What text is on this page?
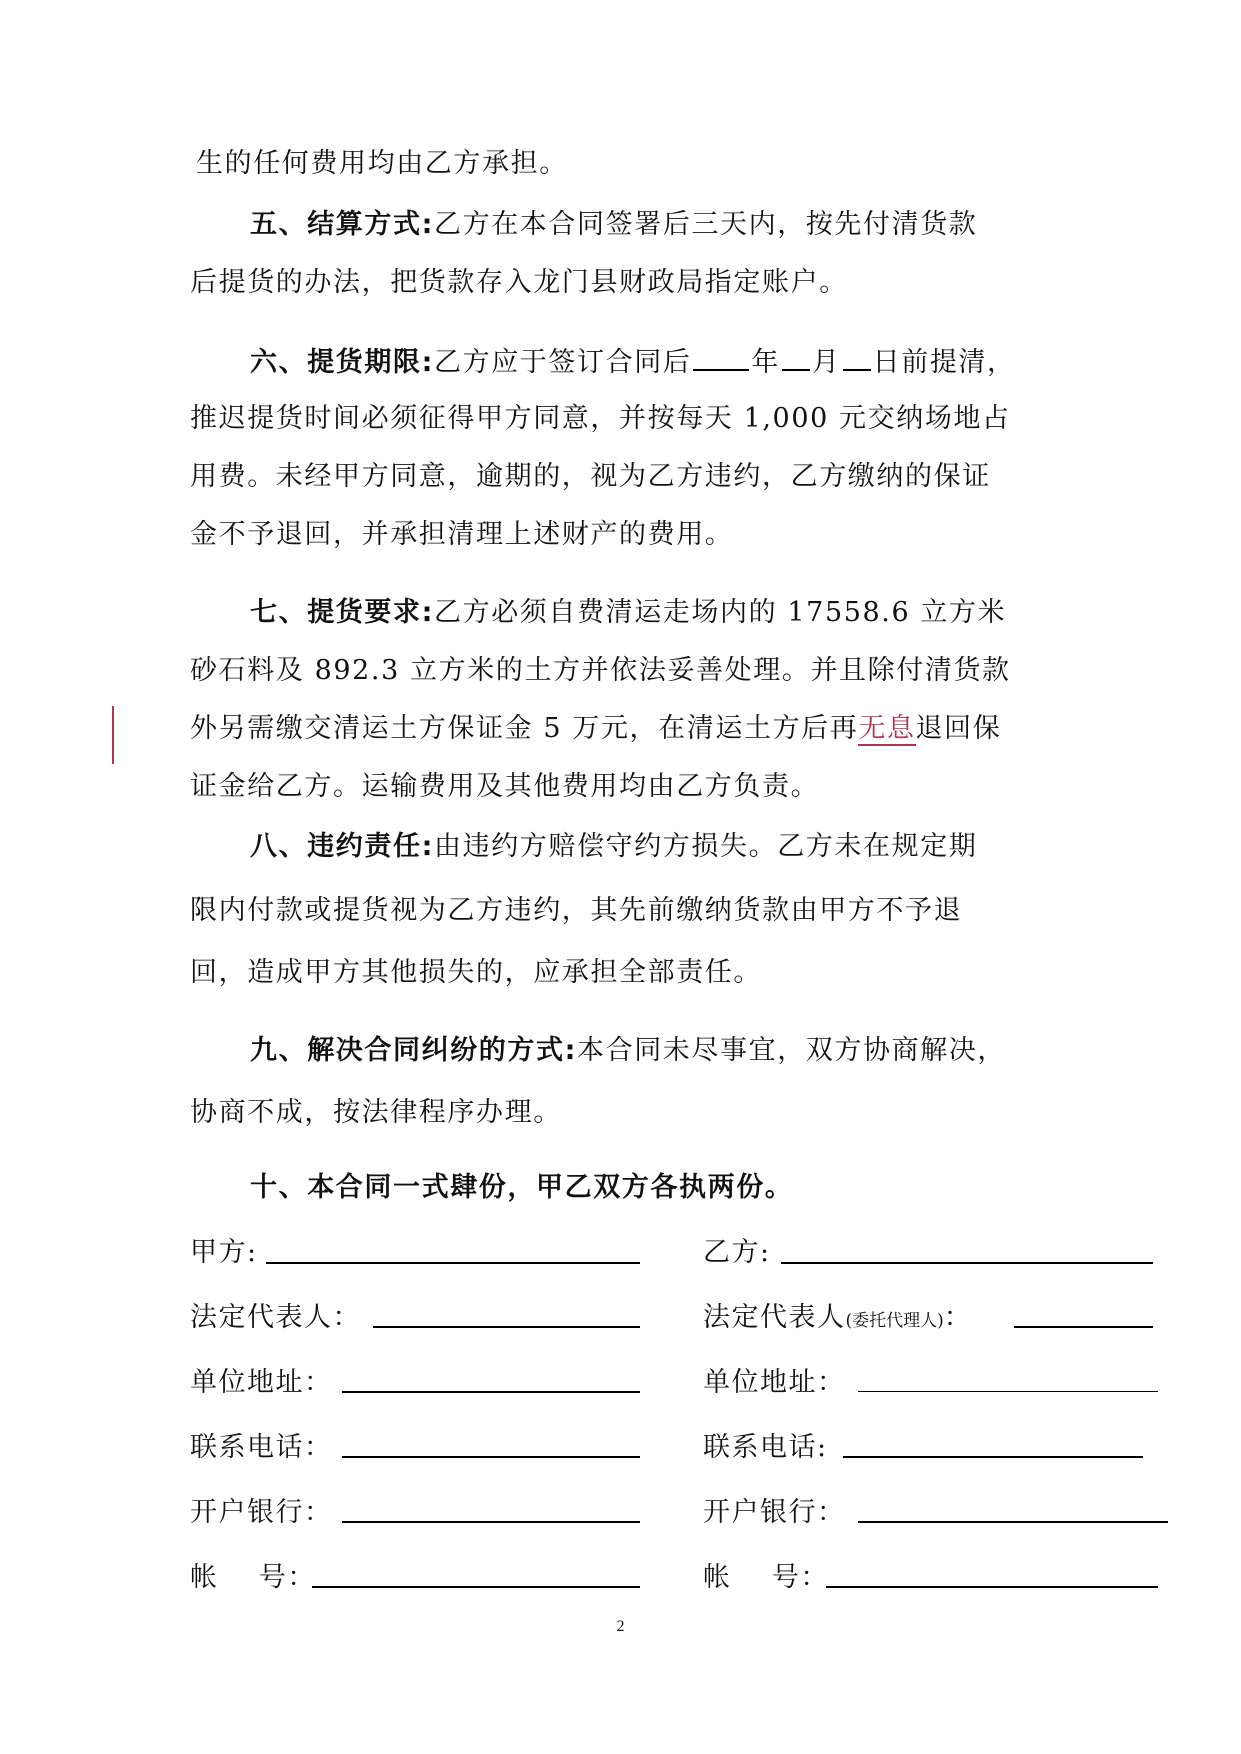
生的任何费用均由乙方承担。
五、结算方式:乙方在本合同签署后三天内，按先付清货款
后提货的办法，把货款存入龙门县财政局指定账户。
六、提货期限:乙方应于签订合同后 年 月 日前提清，
推迟提货时间必须征得甲方同意，并按每天 1,000 元交纳场地占
用费。未经甲方同意，逾期的，视为乙方违约，乙方缴纳的保证
金不予退回，并承担清理上述财产的费用。
七、提货要求:乙方必须自费清运走场内的 17558.6 立方米
砂石料及 892.3 立方米的土方并依法妥善处理。并且除付清货款
外另需缴交清运土方保证金 5 万元，在清运土方后再无息退回保
证金给乙方。运输费用及其他费用均由乙方负责。
八、违约责任:由违约方赔偿守约方损失。乙方未在规定期
限内付款或提货视为乙方违约，其先前缴纳货款由甲方不予退
回，造成甲方其他损失的，应承担全部责任。
九、解决合同纠纷的方式:本合同未尽事宜，双方协商解决，
协商不成，按法律程序办理。
十、本合同一式肆份，甲乙双方各执两份。
甲方:
法定代表人：
单位地址：
联系电话：
开户银行：
帐    号：
乙方:
法定代表人(委托代理人)：
单位地址：
联系电话:
开户银行：
帐    号：
2
